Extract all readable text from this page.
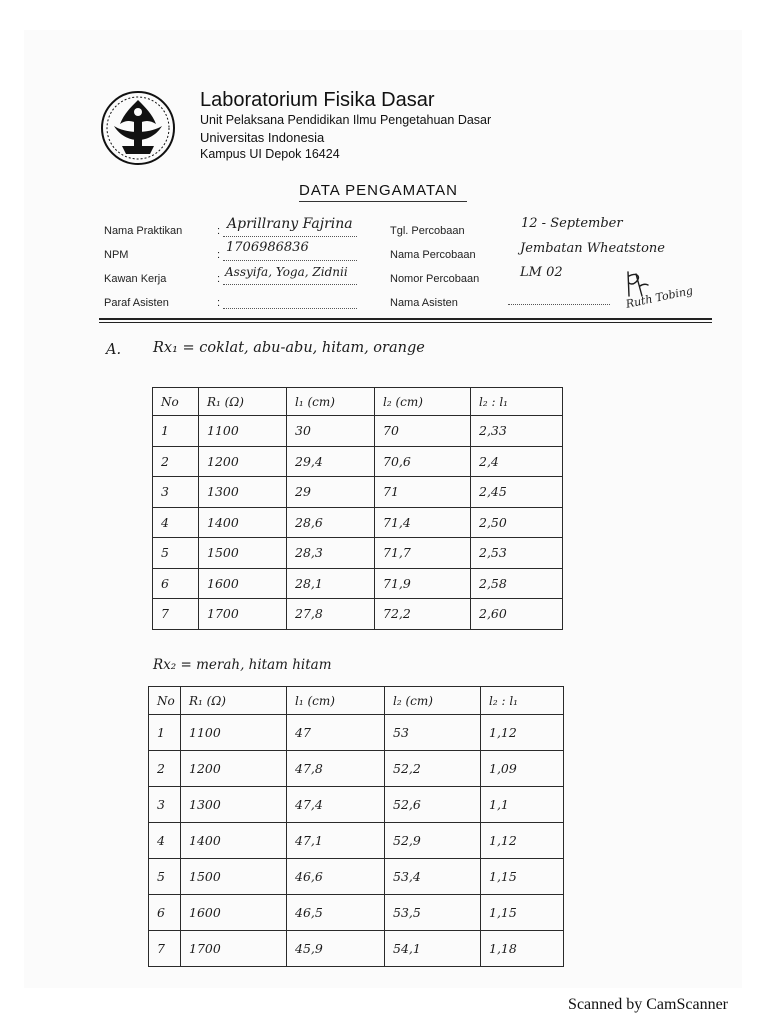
Laboratorium Fisika Dasar
Unit Pelaksana Pendidikan Ilmu Pengetahuan Dasar
Universitas Indonesia
Kampus UI Depok 16424
DATA PENGAMATAN
Nama Praktikan	: Aprillrany Fajrina
NPM	: 1706986836
Kawan Kerja	: Assyifa, Yoga, Zidnii
Paraf Asisten	:
Tgl. Percobaan	12 - September
Nama Percobaan	Jembatan Wheatstone
Nomor Percobaan	LM 02
Nama Asisten	Ruth Tobing
A. Rx₁ = coklat, abu-abu, hitam, orange
No	R₁ (Ω)	l₁ (cm)	l₂ (cm)	l₂ : l₁
1	1100	30	70	2,33
2	1200	29,4	70,6	2,4
3	1300	29	71	2,45
4	1400	28,6	71,4	2,50
5	1500	28,3	71,7	2,53
6	1600	28,1	71,9	2,58
7	1700	27,8	72,2	2,60
Rx₂ = merah, hitam hitam
No	R₁ (Ω)	l₁ (cm)	l₂ (cm)	l₂ : l₁
1	1100	47	53	1,12
2	1200	47,8	52,2	1,09
3	1300	47,4	52,6	1,1
4	1400	47,1	52,9	1,12
5	1500	46,6	53,4	1,15
6	1600	46,5	53,5	1,15
7	1700	45,9	54,1	1,18
Scanned by CamScanner
